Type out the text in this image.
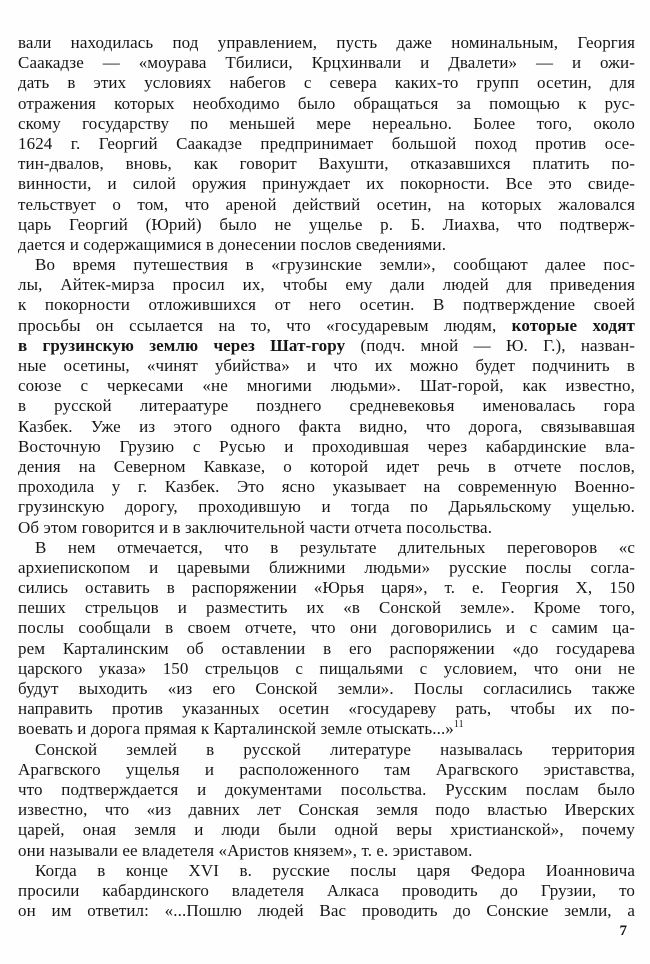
вали находилась под управлением, пусть даже номинальным, Георгия
Саакадзе — «моурава Тбилиси, Крцхинвали и Двалети» — и ожи-
дать в этих условиях набегов с севера каких-то групп осетин, для
отражения которых необходимо было обращаться за помощью к рус-
скому государству по меньшей мере нереально. Более того, около
1624 г. Георгий Саакадзе предпринимает большой поход против осе-
тин-двалов, вновь, как говорит Вахушти, отказавшихся платить по-
винности, и силой оружия принуждает их покорности. Все это свиде-
тельствует о том, что ареной действий осетин, на которых жаловался
царь Георгий (Юрий) было не ущелье р. Б. Лиахва, что подтверж-
дается и содержащимися в донесении послов сведениями.
Во время путешествия в «грузинские земли», сообщают далее пос-
лы, Айтек-мирза просил их, чтобы ему дали людей для приведения
к покорности отложившихся от него осетин. В подтверждение своей
просьбы он ссылается на то, что «государевым людям, которые ходят
в грузинскую землю через Шат-гору (подч. мной — Ю. Г.), назван-
ные осетины, «чинят убийства» и что их можно будет подчинить в
союзе с черкесами «не многими людьми». Шат-горой, как известно,
в русской литераатуре позднего средневековья именовалась гора
Казбек. Уже из этого одного факта видно, что дорога, связывавшая
Восточную Грузию с Русью и проходившая через кабардинские вла-
дения на Северном Кавказе, о которой идет речь в отчете послов,
проходила у г. Казбек. Это ясно указывает на современную Военно-
грузинскую дорогу, проходившую и тогда по Дарьяльскому ущелью.
Об этом говорится и в заключительной части отчета посольства.
В нем отмечается, что в результате длительных переговоров «с
архиепископом и царевыми ближними людьми» русские послы согла-
сились оставить в распоряжении «Юрья царя», т. е. Георгия X, 150
пеших стрельцов и разместить их «в Сонской земле». Кроме того,
послы сообщали в своем отчете, что они договорились и с самим ца-
рем Карталинским об оставлении в его распоряжении «до государева
царского указа» 150 стрельцов с пищальями с условием, что они не
будут выходить «из его Сонской земли». Послы согласились также
направить против указанных осетин «государеву рать, чтобы их по-
воевать и дорога прямая к Карталинской земле отыскать...»$^{11}$
Сонской землей в русской литературе называлась территория
Арагвского ущелья и расположенного там Арагвского эриставства,
что подтверждается и документами посольства. Русским послам было
известно, что «из давних лет Сонская земля подо властью Иверских
царей, оная земля и люди были одной веры христианской», почему
они называли ее владетеля «Аристов князем», т. е. эриставом.
Когда в конце XVI в. русские послы царя Федора Иоанновича
просили кабардинского владетеля Алкаса проводить до Грузии, то
он им ответил: «...Пошлю людей Вас проводить до Сонские земли, а
7
